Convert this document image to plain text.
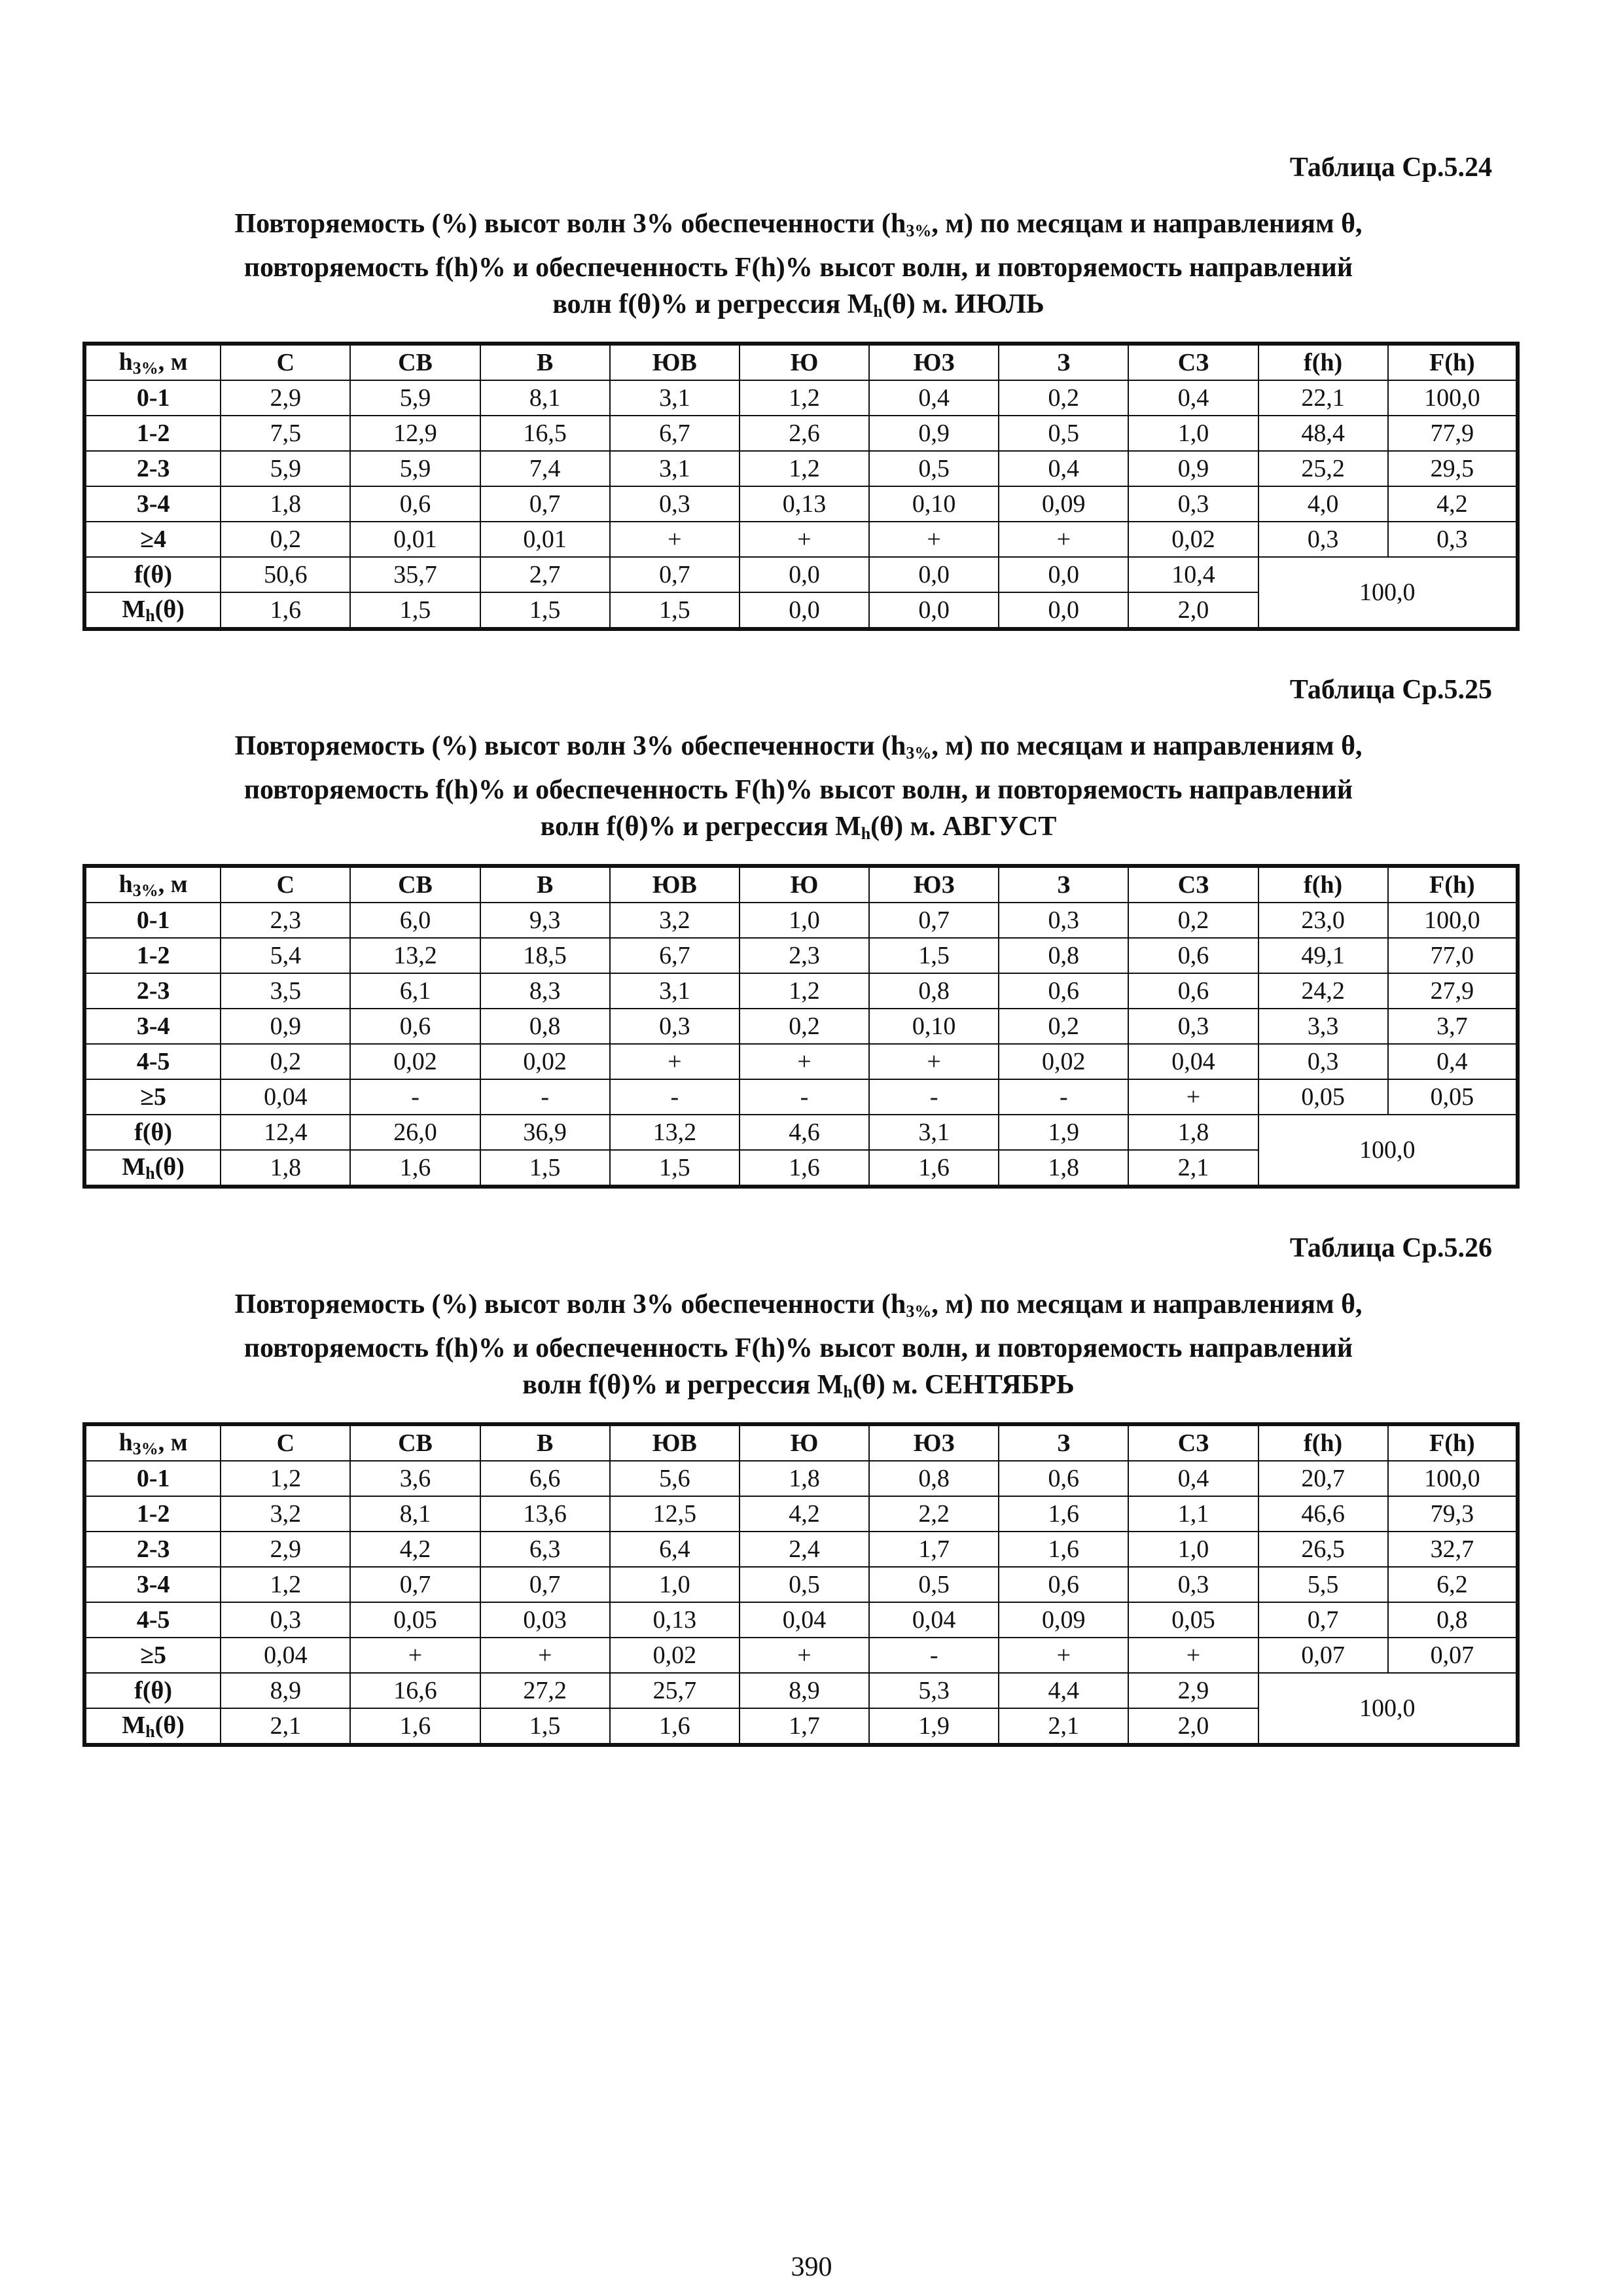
Таблица Ср.5.24
Повторяемость (%) высот волн 3% обеспеченности ($h_{3\%}$, м) по месяцам и направлениям θ,
повторяемость f(h)% и обеспеченность F(h)% высот волн, и повторяемость направлений
волн f(θ)% и регрессия $M_h(\theta)$ м. ИЮЛЬ
$h_{3\%}$, м	С	СВ	В	ЮВ	Ю	ЮЗ	З	СЗ	f(h)	F(h)
0-1	2,9	5,9	8,1	3,1	1,2	0,4	0,2	0,4	22,1	100,0
1-2	7,5	12,9	16,5	6,7	2,6	0,9	0,5	1,0	48,4	77,9
2-3	5,9	5,9	7,4	3,1	1,2	0,5	0,4	0,9	25,2	29,5
3-4	1,8	0,6	0,7	0,3	0,13	0,10	0,09	0,3	4,0	4,2
≥4	0,2	0,01	0,01	+	+	+	+	0,02	0,3	0,3
f(θ)	50,6	35,7	2,7	0,7	0,0	0,0	0,0	10,4	100,0	
$M_h(\theta)$	1,6	1,5	1,5	1,5	0,0	0,0	0,0	2,0		
Таблица Ср.5.25
Повторяемость (%) высот волн 3% обеспеченности ($h_{3\%}$, м) по месяцам и направлениям θ,
повторяемость f(h)% и обеспеченность F(h)% высот волн, и повторяемость направлений
волн f(θ)% и регрессия $M_h(\theta)$ м. АВГУСТ
$h_{3\%}$, м	С	СВ	В	ЮВ	Ю	ЮЗ	З	СЗ	f(h)	F(h)
0-1	2,3	6,0	9,3	3,2	1,0	0,7	0,3	0,2	23,0	100,0
1-2	5,4	13,2	18,5	6,7	2,3	1,5	0,8	0,6	49,1	77,0
2-3	3,5	6,1	8,3	3,1	1,2	0,8	0,6	0,6	24,2	27,9
3-4	0,9	0,6	0,8	0,3	0,2	0,10	0,2	0,3	3,3	3,7
4-5	0,2	0,02	0,02	+	+	+	0,02	0,04	0,3	0,4
≥5	0,04	-	-	-	-	-	-	+	0,05	0,05
f(θ)	12,4	26,0	36,9	13,2	4,6	3,1	1,9	1,8	100,0	
$M_h(\theta)$	1,8	1,6	1,5	1,5	1,6	1,6	1,8	2,1		
Таблица Ср.5.26
Повторяемость (%) высот волн 3% обеспеченности ($h_{3\%}$, м) по месяцам и направлениям θ,
повторяемость f(h)% и обеспеченность F(h)% высот волн, и повторяемость направлений
волн f(θ)% и регрессия $M_h(\theta)$ м. СЕНТЯБРЬ
$h_{3\%}$, м	С	СВ	В	ЮВ	Ю	ЮЗ	З	СЗ	f(h)	F(h)
0-1	1,2	3,6	6,6	5,6	1,8	0,8	0,6	0,4	20,7	100,0
1-2	3,2	8,1	13,6	12,5	4,2	2,2	1,6	1,1	46,6	79,3
2-3	2,9	4,2	6,3	6,4	2,4	1,7	1,6	1,0	26,5	32,7
3-4	1,2	0,7	0,7	1,0	0,5	0,5	0,6	0,3	5,5	6,2
4-5	0,3	0,05	0,03	0,13	0,04	0,04	0,09	0,05	0,7	0,8
≥5	0,04	+	+	0,02	+	-	+	+	0,07	0,07
f(θ)	8,9	16,6	27,2	25,7	8,9	5,3	4,4	2,9	100,0	
$M_h(\theta)$	2,1	1,6	1,5	1,6	1,7	1,9	2,1	2,0		
390
